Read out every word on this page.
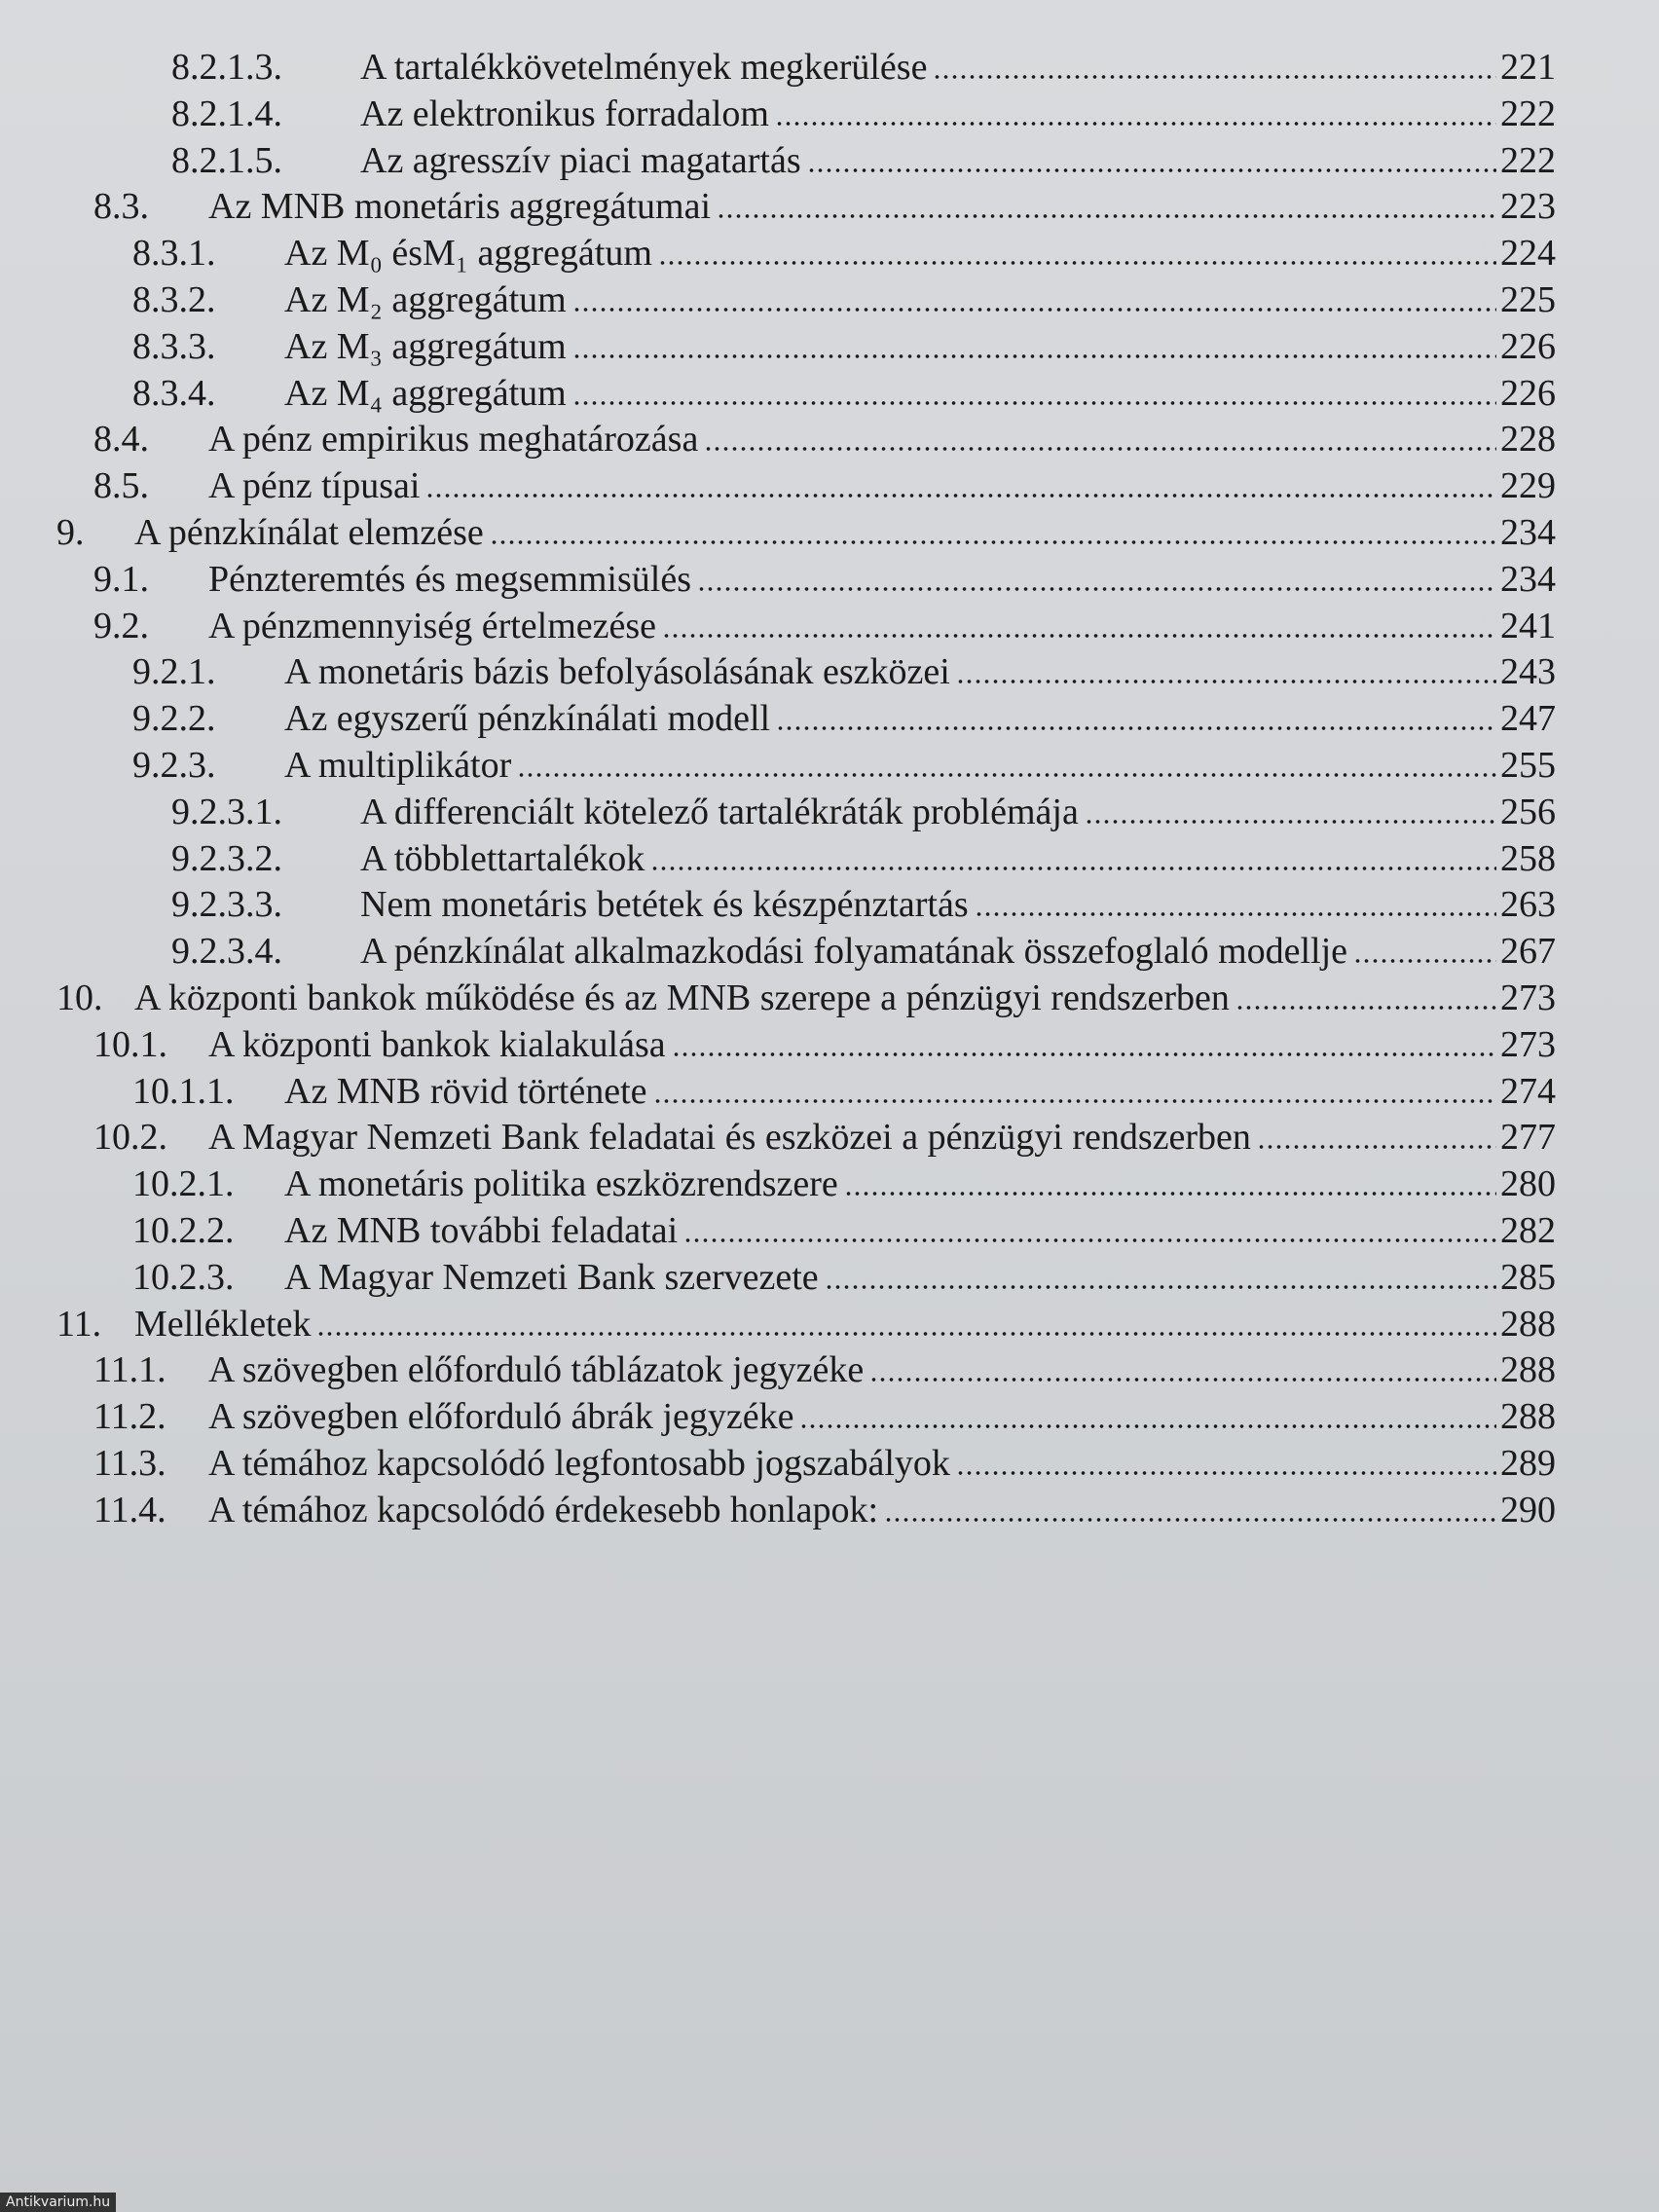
8.2.1.3.	A tartalékkövetelmények megkerülése	221
8.2.1.4.	Az elektronikus forradalom	222
8.2.1.5.	Az agresszív piaci magatartás	222
8.3.	Az MNB monetáris aggregátumai	223
8.3.1.	Az M₀ ésM₁ aggregátum	224
8.3.2.	Az M₂ aggregátum	225
8.3.3.	Az M₃ aggregátum	226
8.3.4.	Az M₄ aggregátum	226
8.4.	A pénz empirikus meghatározása	228
8.5.	A pénz típusai	229
9.	A pénzkínálat elemzése	234
9.1.	Pénzteremtés és megsemmisülés	234
9.2.	A pénzmennyiség értelmezése	241
9.2.1.	A monetáris bázis befolyásolásának eszközei	243
9.2.2.	Az egyszerű pénzkínálati modell	247
9.2.3.	A multiplikátor	255
9.2.3.1.	A differenciált kötelező tartalékráták problémája	256
9.2.3.2.	A többlettartalékok	258
9.2.3.3.	Nem monetáris betétek és készpénztartás	263
9.2.3.4.	A pénzkínálat alkalmazkodási folyamatának összefoglaló modellje	267
10. A központi bankok működése és az MNB szerepe a pénzügyi rendszerben	273
10.1.	A központi bankok kialakulása	273
10.1.1.	Az MNB rövid története	274
10.2.	A Magyar Nemzeti Bank feladatai és eszközei a pénzügyi rendszerben	277
10.2.1.	A monetáris politika eszközrendszere	280
10.2.2.	Az MNB további feladatai	282
10.2.3.	A Magyar Nemzeti Bank szervezete	285
11. Mellékletek	288
11.1.	A szövegben előforduló táblázatok jegyzéke	288
11.2.	A szövegben előforduló ábrák jegyzéke	288
11.3.	A témához kapcsolódó legfontosabb jogszabályok	289
11.4.	A témához kapcsolódó érdekesebb honlapok:	290
Antikvarium.hu
